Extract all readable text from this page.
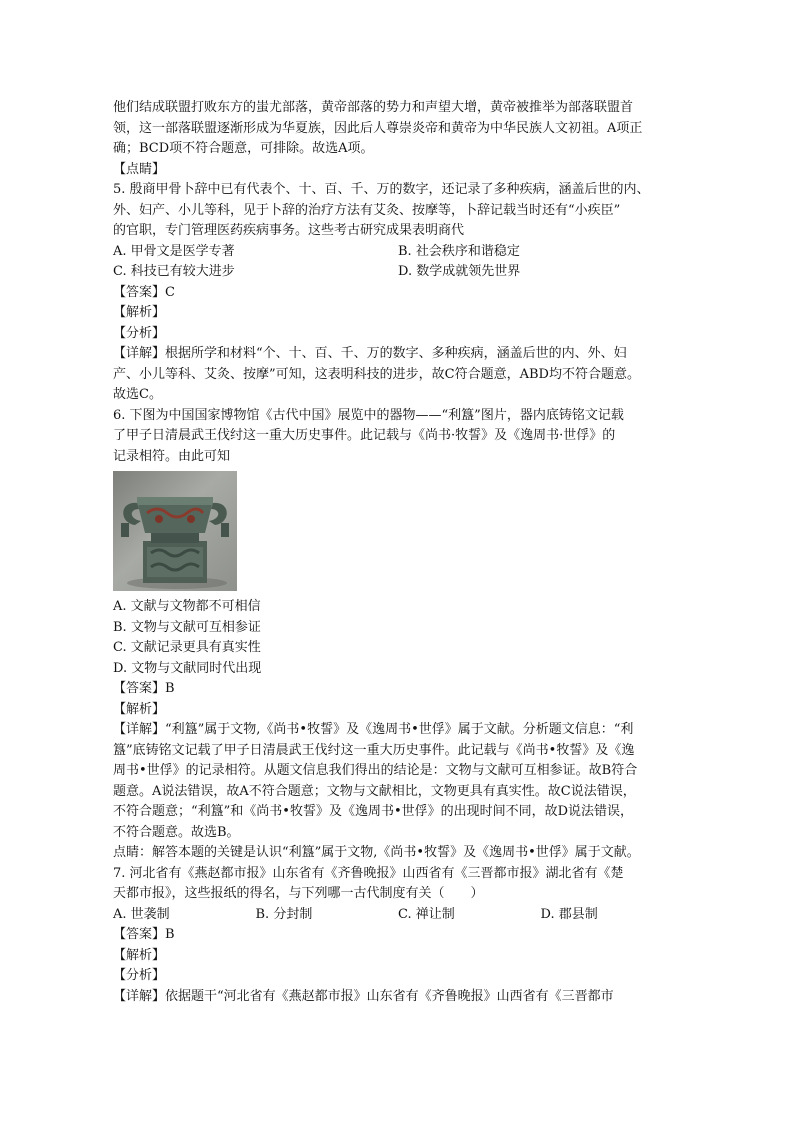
他们结成联盟打败东方的蚩尤部落，黄帝部落的势力和声望大增，黄帝被推举为部落联盟首

领，这一部落联盟逐渐形成为华夏族，因此后人尊崇炎帝和黄帝为中华民族人文初祖。A项正

确；BCD项不符合题意，可排除。故选A项。

【点睛】

5. 殷商甲骨卜辞中已有代表个、十、百、千、万的数字，还记录了多种疾病，涵盖后世的内、

外、妇产、小儿等科，见于卜辞的治疗方法有艾灸、按摩等，卜辞记载当时还有“小疾臣”

的官职，专门管理医药疾病事务。这些考古研究成果表明商代

A. 甲骨文是医学专著	B. 社会秩序和谐稳定
C. 科技已有较大进步	D. 数学成就领先世界

【答案】C

【解析】

【分析】

【详解】根据所学和材料“个、十、百、千、万的数字、多种疾病，涵盖后世的内、外、妇

产、小儿等科、艾灸、按摩”可知，这表明科技的进步，故C符合题意，ABD均不符合题意。

故选C。

6. 下图为中国国家博物馆《古代中国》展览中的器物——“利簋”图片，器内底铸铭文记载

了甲子日清晨武王伐纣这一重大历史事件。此记载与《尚书·牧誓》及《逸周书·世俘》的

记录相符。由此可知

A. 文献与文物都不可相信

B. 文物与文献可互相参证

C. 文献记录更具有真实性

D. 文物与文献同时代出现

【答案】B

【解析】

【详解】“利簋”属于文物,《尚书•牧誓》及《逸周书•世俘》属于文献。分析题文信息：“利

簋”底铸铭文记载了甲子日清晨武王伐纣这一重大历史事件。此记载与《尚书•牧誓》及《逸

周书•世俘》的记录相符。从题文信息我们得出的结论是：文物与文献可互相参证。故B符合

题意。A说法错误，故A不符合题意；文物与文献相比，文物更具有真实性。故C说法错误，

不符合题意；“利簋”和《尚书•牧誓》及《逸周书•世俘》的出现时间不同，故D说法错误，

不符合题意。故选B。

点睛：解答本题的关键是认识“利簋”属于文物,《尚书•牧誓》及《逸周书•世俘》属于文献。

7. 河北省有《燕赵都市报》山东省有《齐鲁晚报》山西省有《三晋都市报》湖北省有《楚

天都市报》，这些报纸的得名，与下列哪一古代制度有关（　　）

A. 世袭制	B. 分封制	C. 禅让制	D. 郡县制

【答案】B

【解析】

【分析】

【详解】依据题干“河北省有《燕赵都市报》山东省有《齐鲁晚报》山西省有《三晋都市
